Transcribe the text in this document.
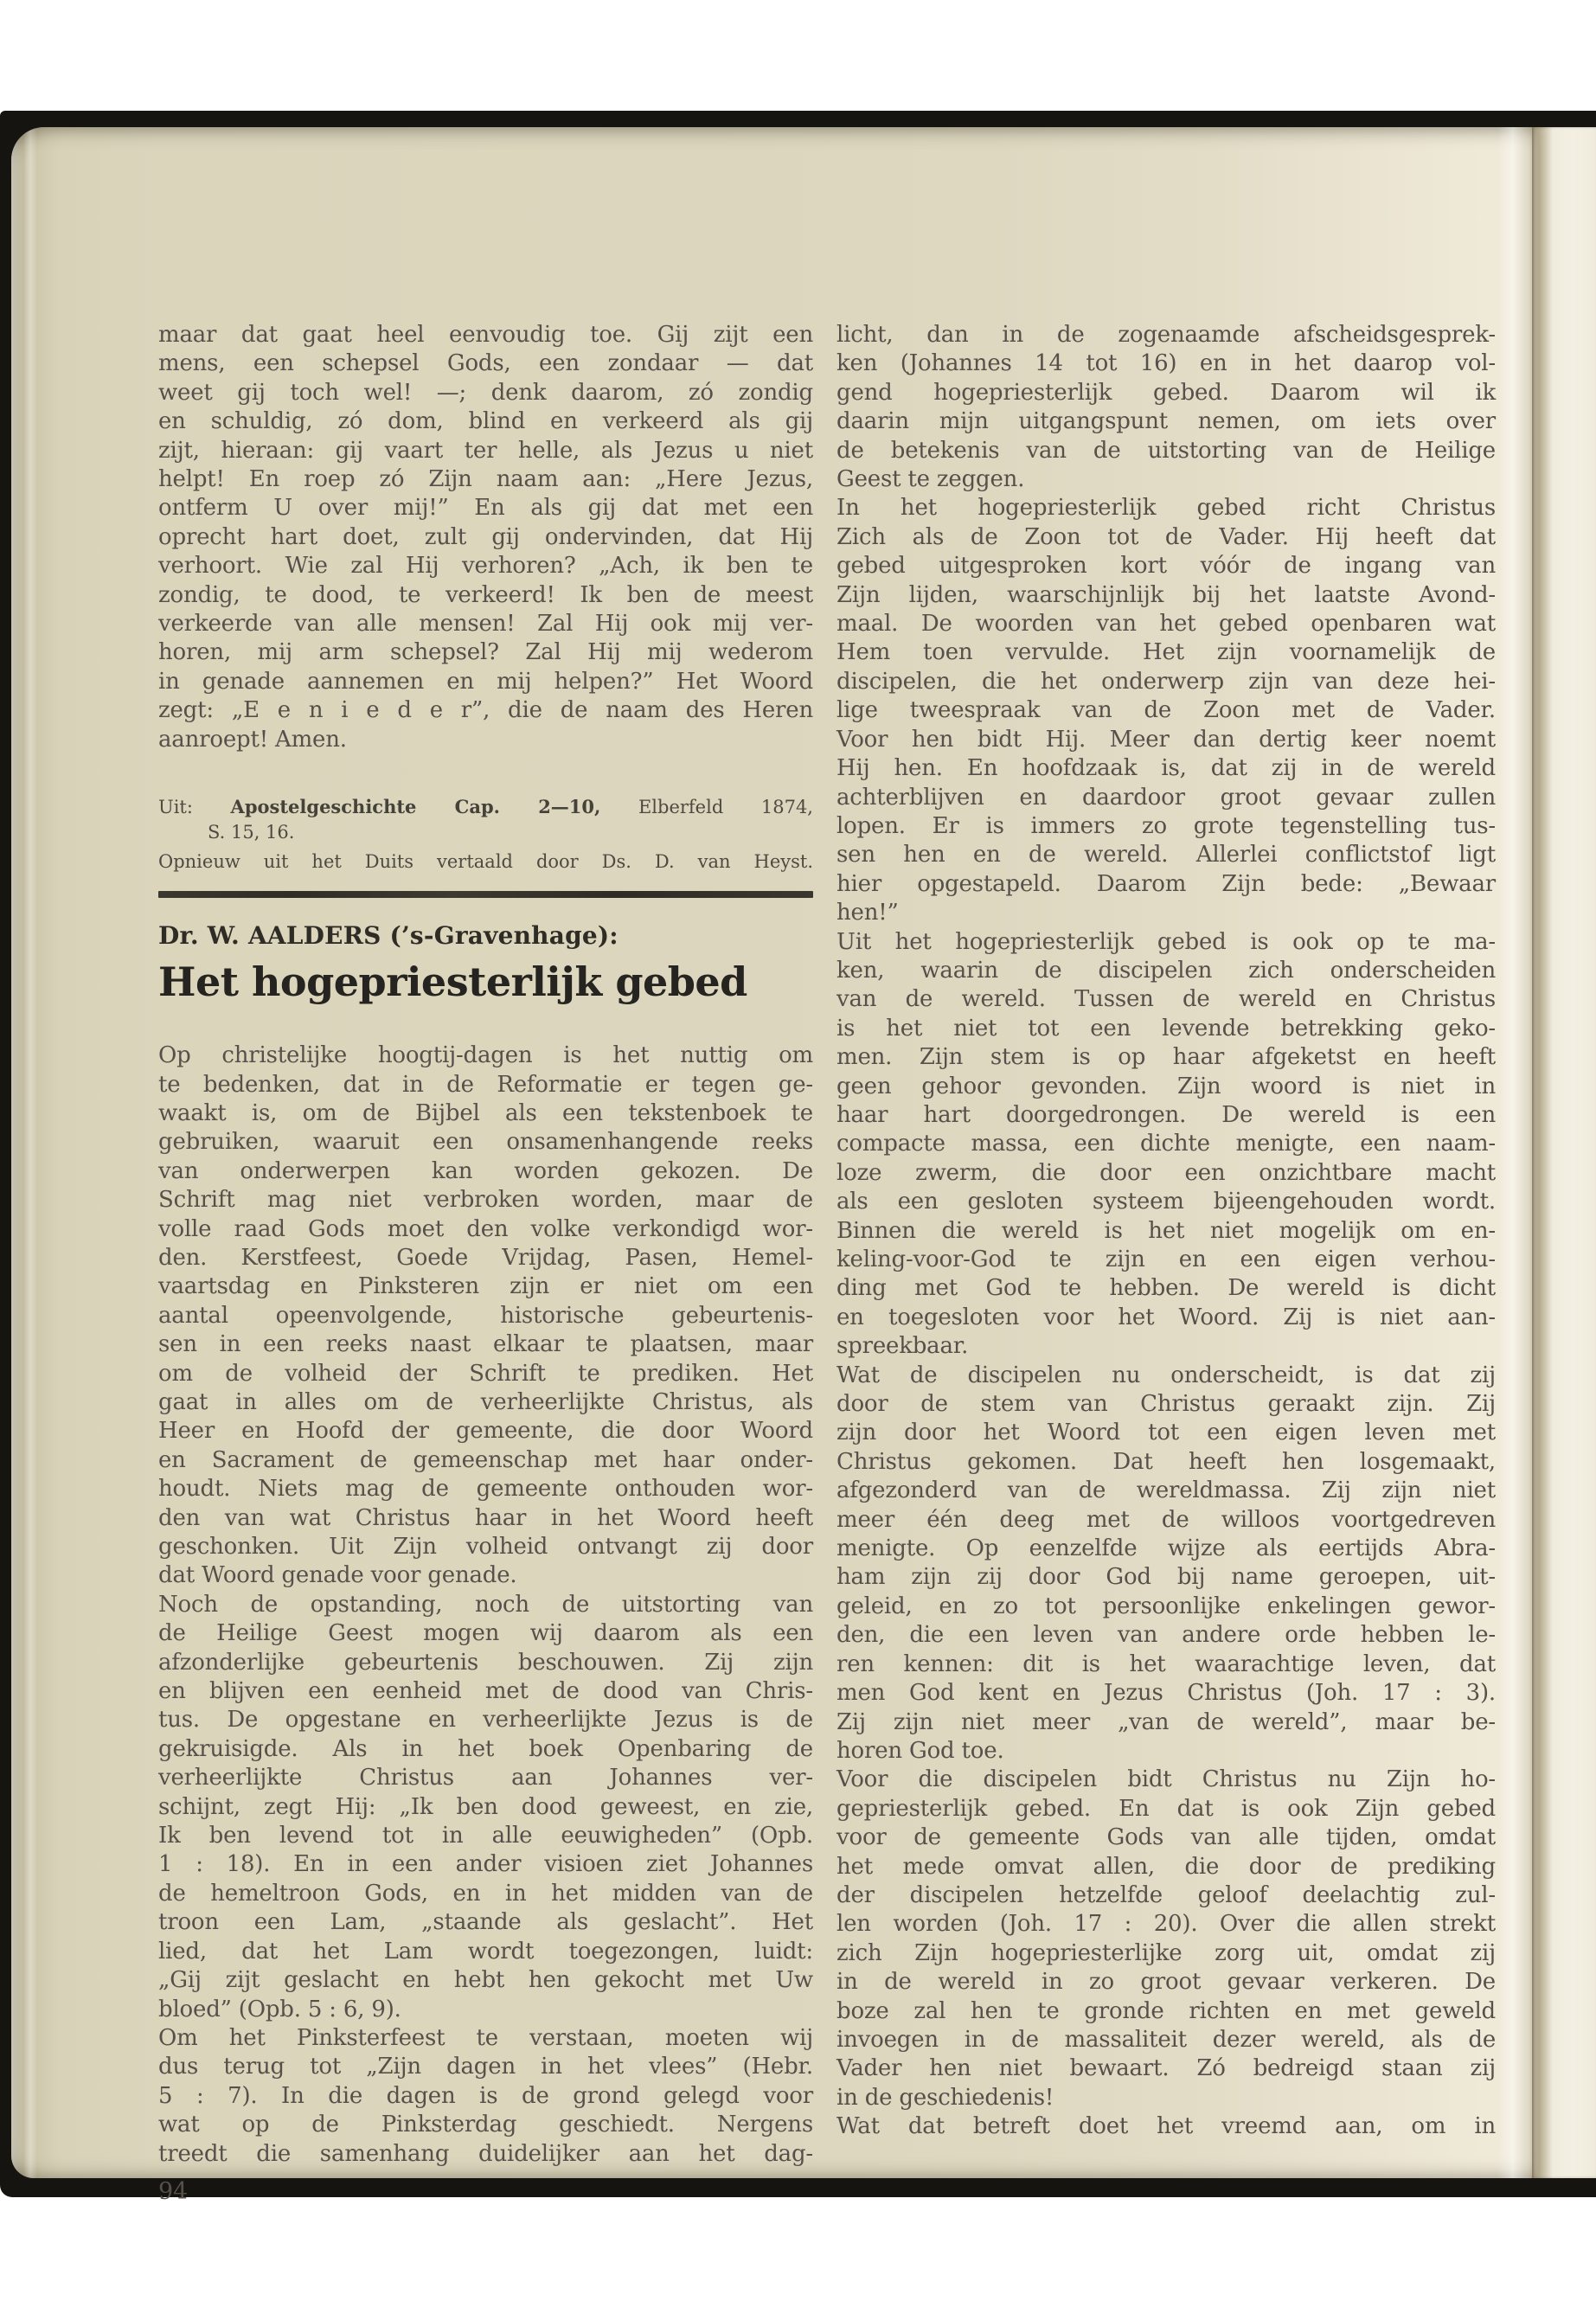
maar dat gaat heel eenvoudig toe. Gij zijt een
mens, een schepsel Gods, een zondaar — dat
weet gij toch wel! —; denk daarom, zó zondig
en schuldig, zó dom, blind en verkeerd als gij
zijt, hieraan: gij vaart ter helle, als Jezus u niet
helpt! En roep zó Zijn naam aan: „Here Jezus,
ontferm U over mij!” En als gij dat met een
oprecht hart doet, zult gij ondervinden, dat Hij
verhoort. Wie zal Hij verhoren? „Ach, ik ben te
zondig, te dood, te verkeerd! Ik ben de meest
verkeerde van alle mensen! Zal Hij ook mij ver-
horen, mij arm schepsel? Zal Hij mij wederom
in genade aannemen en mij helpen?” Het Woord
zegt: „E e n i e d e r”, die de naam des Heren
aanroept! Amen.
Uit: Apostelgeschichte Cap. 2—10, Elberfeld 1874,
S. 15, 16.
Opnieuw uit het Duits vertaald door Ds. D. van Heyst.
Dr. W. AALDERS (’s-Gravenhage):
Het hogepriesterlijk gebed
Op christelijke hoogtij-dagen is het nuttig om
te bedenken, dat in de Reformatie er tegen ge-
waakt is, om de Bijbel als een tekstenboek te
gebruiken, waaruit een onsamenhangende reeks
van onderwerpen kan worden gekozen. De
Schrift mag niet verbroken worden, maar de
volle raad Gods moet den volke verkondigd wor-
den. Kerstfeest, Goede Vrijdag, Pasen, Hemel-
vaartsdag en Pinksteren zijn er niet om een
aantal opeenvolgende, historische gebeurtenis-
sen in een reeks naast elkaar te plaatsen, maar
om de volheid der Schrift te prediken. Het
gaat in alles om de verheerlijkte Christus, als
Heer en Hoofd der gemeente, die door Woord
en Sacrament de gemeenschap met haar onder-
houdt. Niets mag de gemeente onthouden wor-
den van wat Christus haar in het Woord heeft
geschonken. Uit Zijn volheid ontvangt zij door
dat Woord genade voor genade.
Noch de opstanding, noch de uitstorting van
de Heilige Geest mogen wij daarom als een
afzonderlijke gebeurtenis beschouwen. Zij zijn
en blijven een eenheid met de dood van Chris-
tus. De opgestane en verheerlijkte Jezus is de
gekruisigde. Als in het boek Openbaring de
verheerlijkte Christus aan Johannes ver-
schijnt, zegt Hij: „Ik ben dood geweest, en zie,
Ik ben levend tot in alle eeuwigheden” (Opb.
1 : 18). En in een ander visioen ziet Johannes
de hemeltroon Gods, en in het midden van de
troon een Lam, „staande als geslacht”. Het
lied, dat het Lam wordt toegezongen, luidt:
„Gij zijt geslacht en hebt hen gekocht met Uw
bloed” (Opb. 5 : 6, 9).
Om het Pinksterfeest te verstaan, moeten wij
dus terug tot „Zijn dagen in het vlees” (Hebr.
5 : 7). In die dagen is de grond gelegd voor
wat op de Pinksterdag geschiedt. Nergens
treedt die samenhang duidelijker aan het dag-
94
licht, dan in de zogenaamde afscheidsgesprek-
ken (Johannes 14 tot 16) en in het daarop vol-
gend hogepriesterlijk gebed. Daarom wil ik
daarin mijn uitgangspunt nemen, om iets over
de betekenis van de uitstorting van de Heilige
Geest te zeggen.
In het hogepriesterlijk gebed richt Christus
Zich als de Zoon tot de Vader. Hij heeft dat
gebed uitgesproken kort vóór de ingang van
Zijn lijden, waarschijnlijk bij het laatste Avond-
maal. De woorden van het gebed openbaren wat
Hem toen vervulde. Het zijn voornamelijk de
discipelen, die het onderwerp zijn van deze hei-
lige tweespraak van de Zoon met de Vader.
Voor hen bidt Hij. Meer dan dertig keer noemt
Hij hen. En hoofdzaak is, dat zij in de wereld
achterblijven en daardoor groot gevaar zullen
lopen. Er is immers zo grote tegenstelling tus-
sen hen en de wereld. Allerlei conflictstof ligt
hier opgestapeld. Daarom Zijn bede: „Bewaar
hen!”
Uit het hogepriesterlijk gebed is ook op te ma-
ken, waarin de discipelen zich onderscheiden
van de wereld. Tussen de wereld en Christus
is het niet tot een levende betrekking geko-
men. Zijn stem is op haar afgeketst en heeft
geen gehoor gevonden. Zijn woord is niet in
haar hart doorgedrongen. De wereld is een
compacte massa, een dichte menigte, een naam-
loze zwerm, die door een onzichtbare macht
als een gesloten systeem bijeengehouden wordt.
Binnen die wereld is het niet mogelijk om en-
keling-voor-God te zijn en een eigen verhou-
ding met God te hebben. De wereld is dicht
en toegesloten voor het Woord. Zij is niet aan-
spreekbaar.
Wat de discipelen nu onderscheidt, is dat zij
door de stem van Christus geraakt zijn. Zij
zijn door het Woord tot een eigen leven met
Christus gekomen. Dat heeft hen losgemaakt,
afgezonderd van de wereldmassa. Zij zijn niet
meer één deeg met de willoos voortgedreven
menigte. Op eenzelfde wijze als eertijds Abra-
ham zijn zij door God bij name geroepen, uit-
geleid, en zo tot persoonlijke enkelingen gewor-
den, die een leven van andere orde hebben le-
ren kennen: dit is het waarachtige leven, dat
men God kent en Jezus Christus (Joh. 17 : 3).
Zij zijn niet meer „van de wereld”, maar be-
horen God toe.
Voor die discipelen bidt Christus nu Zijn ho-
gepriesterlijk gebed. En dat is ook Zijn gebed
voor de gemeente Gods van alle tijden, omdat
het mede omvat allen, die door de prediking
der discipelen hetzelfde geloof deelachtig zul-
len worden (Joh. 17 : 20). Over die allen strekt
zich Zijn hogepriesterlijke zorg uit, omdat zij
in de wereld in zo groot gevaar verkeren. De
boze zal hen te gronde richten en met geweld
invoegen in de massaliteit dezer wereld, als de
Vader hen niet bewaart. Zó bedreigd staan zij
in de geschiedenis!
Wat dat betreft doet het vreemd aan, om in
